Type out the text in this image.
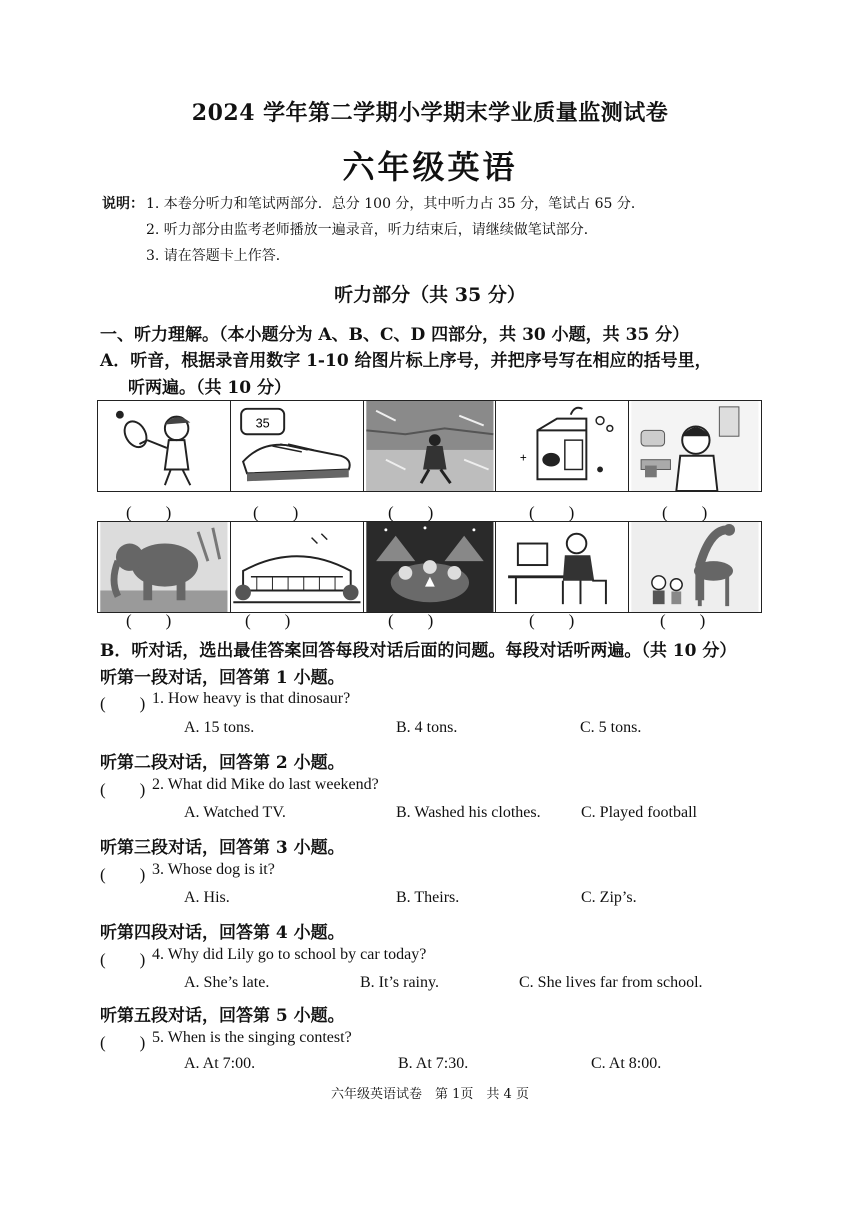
2024 学年第二学期小学期末学业质量监测试卷
六年级英语
说明： 1. 本卷分听力和笔试两部分．总分 100 分，其中听力占 35 分，笔试占 65 分．
2. 听力部分由监考老师播放一遍录音，听力结束后，请继续做笔试部分．
3. 请在答题卡上作答．
听力部分（共 35 分）
一、听力理解。（本小题分为 A、B、C、D 四部分，共 30 小题，共 35 分）
A．听音，根据录音用数字 1-10 给图片标上序号，并把序号写在相应的括号里，
听两遍。（共 10 分）
35
+
(　　)	(　　)	(　　)	(　　)	(　　)
(　　)	(　　)	(　　)	(　　)	(　　)
B．听对话，选出最佳答案回答每段对话后面的问题。每段对话听两遍。（共 10 分）
听第一段对话，回答第 1 小题。
(　　) 1. How heavy is that dinosaur?
A. 15 tons.	B. 4 tons.	C. 5 tons.
听第二段对话，回答第 2 小题。
(　　) 2. What did Mike do last weekend?
A. Watched TV.	B. Washed his clothes.	C. Played football
听第三段对话，回答第 3 小题。
(　　) 3. Whose dog is it?
A. His.	B. Theirs.	C. Zip’s.
听第四段对话，回答第 4 小题。
(　　) 4. Why did Lily go to school by car today?
A. She’s late.	B. It’s rainy.	C. She lives far from school.
听第五段对话，回答第 5 小题。
(　　) 5. When is the singing contest?
A. At 7:00.	B. At 7:30.	C. At 8:00.
六年级英语试卷　第 1页　共 4 页
